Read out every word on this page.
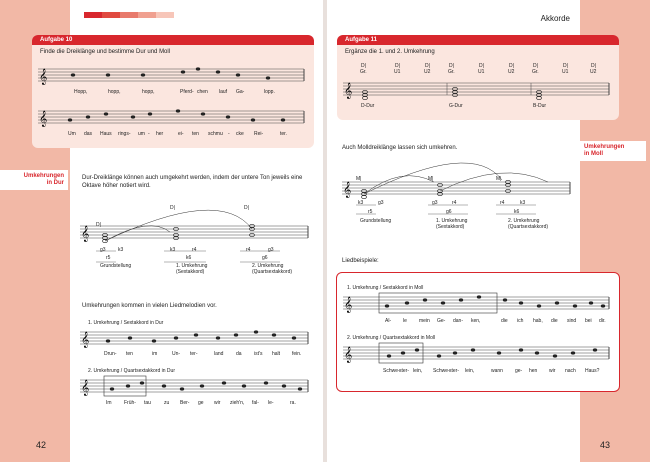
Akkorde
Aufgabe 10
Finde die Dreiklänge und bestimme Dur und Moll
𝄞
Hopp,	hopp,	hopp,	Pferd- chen lauf Ga-	lopp.
𝄞
Um das Haus rings- um - her	ei- ten schmu - cke Rei-	ter.
Aufgabe 11
Ergänze die 1. und 2. Umkehrung
D|	D|	D|	D|	D|	D|	D|	D|	D|
Gr.	U1	U2	Gr.	U1	U2	Gr.	U1	U2
𝄞
D-Dur	G-Dur	B-Dur
Umkehrungen
in Dur
Umkehrungen
in Moll
Dur-Dreiklänge können auch umgekehrt werden, indem der untere Ton jeweils eine
Oktave höher notiert wird.
D|
D|	D|
𝄞
g3 k3	k3	r4	r4	g3
r5	k6	g6
Grundstellung	1. Umkehrung
(Sextakkord)
2. Umkehrung
(Quartsextakkord)
Umkehrungen kommen in vielen Liedmelodien vor.
1. Umkehrung / Sextakkord in Dur
𝄞
Drun- ten	im	Un- ter-	land	da ist's halt fein.
2. Umkehrung / Quartsextakkord in Dur
𝄞
Im Früh- tau	zu Ber- ge wir zieh'n, fal- le-	ra.
Auch Molldreiklänge lassen sich umkehren.
M|	M|	M|
𝄞
k3	g3	g3	r4	r4	k3
r5	g6	k6
Grundstellung	1. Umkehrung
(Sextakkord)
2. Umkehrung
(Quartsextakkord)
Liedbeispiele:
1. Umkehrung / Sextakkord in Moll
𝄞
Al- le mein Ge- dan- ken,	die ich hab, die sind bei dir.
2. Umkehrung / Quartsextakkord in Moll
𝄞
Schwe- ster- lein, Schwe- ster- lein,	wann ge- hen wir nach Haus?
42	43
